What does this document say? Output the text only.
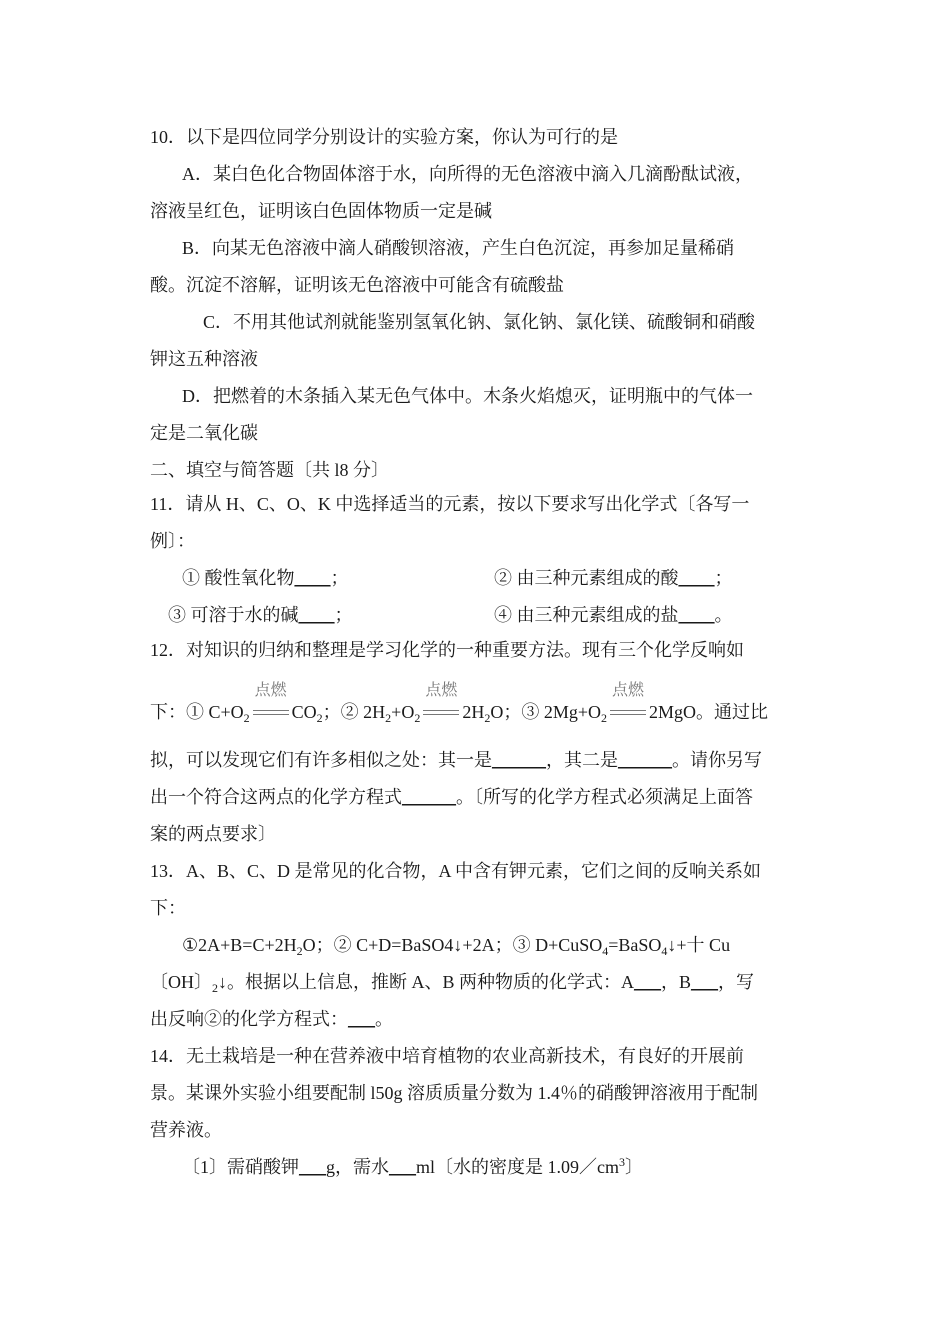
10．以下是四位同学分别设计的实验方案，你认为可行的是
A．某白色化合物固体溶于水，向所得的无色溶液中滴入几滴酚酞试液，
溶液呈红色，证明该白色固体物质一定是碱
B．向某无色溶液中滴人硝酸钡溶液，产生白色沉淀，再参加足量稀硝
酸。沉淀不溶解，证明该无色溶液中可能含有硫酸盐
C．不用其他试剂就能鉴别氢氧化钠、氯化钠、氯化镁、硫酸铜和硝酸
钾这五种溶液
D．把燃着的木条插入某无色气体中。木条火焰熄灭，证明瓶中的气体一
定是二氧化碳
二、填空与简答题〔共 l8 分〕
11．请从 H、C、O、K 中选择适当的元素，按以下要求写出化学式〔各写一
例〕：
① 酸性氧化物____；	② 由三种元素组成的酸____；
③ 可溶于水的碱____；	④ 由三种元素组成的盐____。
12．对知识的归纳和整理是学习化学的一种重要方法。现有三个化学反响如
下：① $C+O_2$
点燃
$CO_2$；② $2H_2+O_2$
点燃
$2H_2O$；③ $2Mg+O_2$
点燃
2MgO。通过比
拟，可以发现它们有许多相似之处：其一是______，其二是______。请你另写
出一个符合这两点的化学方程式______。〔所写的化学方程式必须满足上面答
案的两点要求〕
13．A、B、C、D 是常见的化合物，A 中含有钾元素，它们之间的反响关系如
下：
$①2A+B=C+2H_2O$；② C+D=BaSO4↓+2A；③ D+CuSO$_4$=BaSO$_4$↓+十 Cu
〔OH〕$_2$↓。根据以上信息，推断 A、B 两种物质的化学式：A___，B___，写
出反响②的化学方程式：___。
14．无土栽培是一种在营养液中培育植物的农业高新技术，有良好的开展前
景。某课外实验小组要配制 l50g 溶质质量分数为 1.4％的硝酸钾溶液用于配制
营养液。
〔1〕需硝酸钾___g，需水___ml〔水的密度是 $1.09/cm^3$〕
